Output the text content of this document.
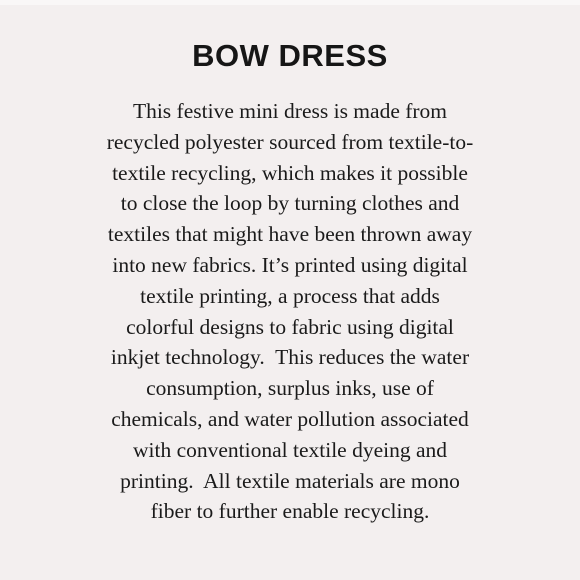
BOW DRESS
This festive mini dress is made from
recycled polyester sourced from textile-to-
textile recycling, which makes it possible
to close the loop by turning clothes and
textiles that might have been thrown away
into new fabrics. It’s printed using digital
textile printing, a process that adds
colorful designs to fabric using digital
inkjet technology.  This reduces the water
consumption, surplus inks, use of
chemicals, and water pollution associated
with conventional textile dyeing and
printing.  All textile materials are mono
fiber to further enable recycling.
